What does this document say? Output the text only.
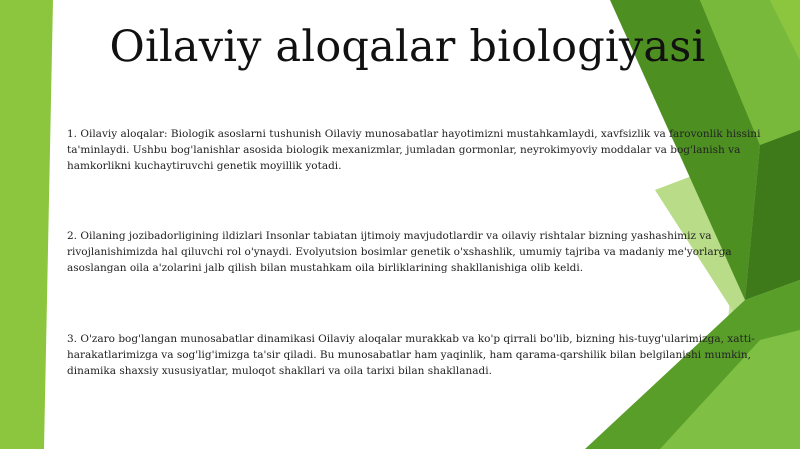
Oilaviy aloqalar biologiyasi

1. Oilaviy aloqalar: Biologik asoslarni tushunish Oilaviy munosabatlar hayotimizni mustahkamlaydi, xavfsizlik va farovonlik hissini ta'minlaydi. Ushbu bog'lanishlar asosida biologik mexanizmlar, jumladan gormonlar, neyrokimyoviy moddalar va bog'lanish va hamkorlikni kuchaytiruvchi genetik moyillik yotadi.

2. Oilaning jozibadorligining ildizlari Insonlar tabiatan ijtimoiy mavjudotlardir va oilaviy rishtalar bizning yashashimiz va rivojlanishimizda hal qiluvchi rol o'ynaydi. Evolyutsion bosimlar genetik o'xshashlik, umumiy tajriba va madaniy me'yorlarga asoslangan oila a'zolarini jalb qilish bilan mustahkam oila birliklarining shakllanishiga olib keldi.

3. O'zaro bog'langan munosabatlar dinamikasi Oilaviy aloqalar murakkab va ko'p qirrali bo'lib, bizning his-tuyg'ularimizga, xatti-harakatlarimizga va sog'lig'imizga ta'sir qiladi. Bu munosabatlar ham yaqinlik, ham qarama-qarshilik bilan belgilanishi mumkin, dinamika shaxsiy xususiyatlar, muloqot shakllari va oila tarixi bilan shakllanadi.
